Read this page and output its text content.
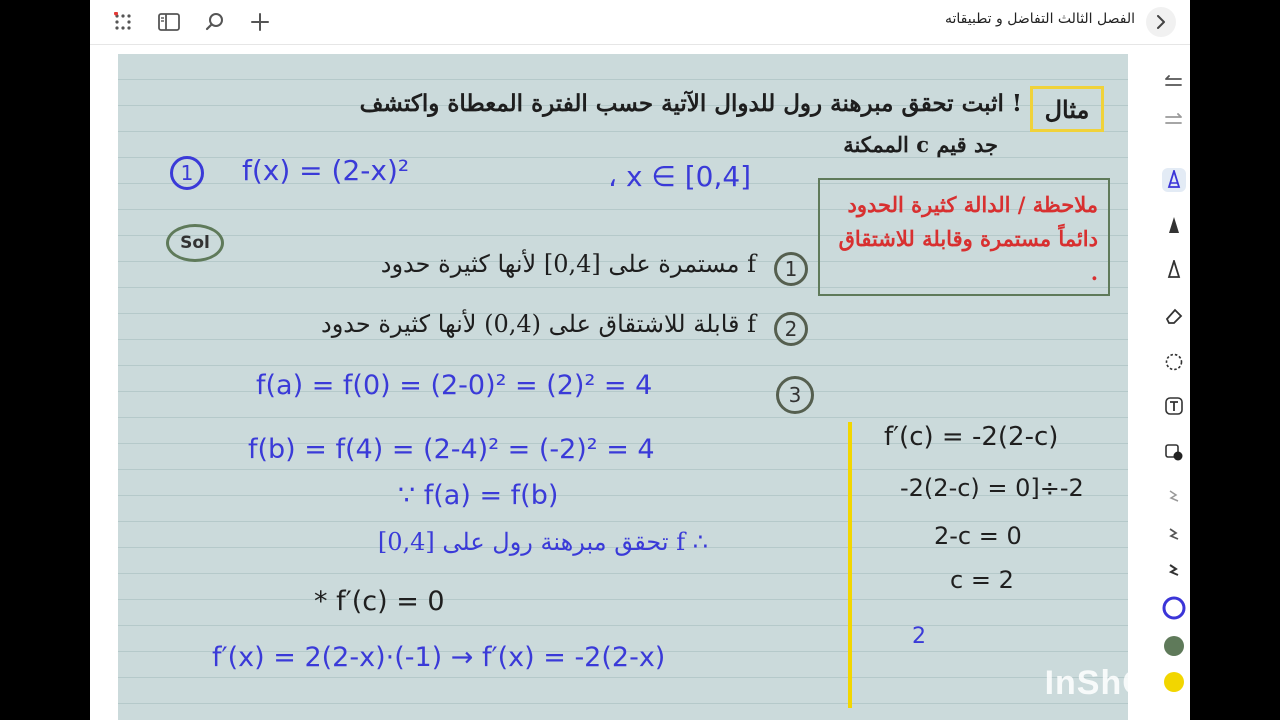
الفصل الثالث التفاضل و تطبيقاته
مثال
! اثبت تحقق مبرهنة رول للدوال الآتية حسب الفترة المعطاة واكتشف
جد قيم c الممكنة
1 f(x) = (2-x)²	، x ∈ [0,4]
ملاحظة / الدالة كثيرة الحدود دائماً مستمرة وقابلة للاشتقاق .
Sol
1
f مستمرة على [0,4] لأنها كثيرة حدود
2
f قابلة للاشتقاق على (0,4) لأنها كثيرة حدود
3
f(a) = f(0) = (2-0)² = (2)² = 4
f(b) = f(4) = (2-4)² = (-2)² = 4
∵ f(a) = f(b)
∴ f تحقق مبرهنة رول على [0,4]
* f′(c) = 0
f′(x) = 2(2-x)·(-1) → f′(x) = -2(2-x)
f′(c) = -2(2-c)
-2(2-c) = 0]÷-2
2-c = 0
c = 2
2
InShOt
